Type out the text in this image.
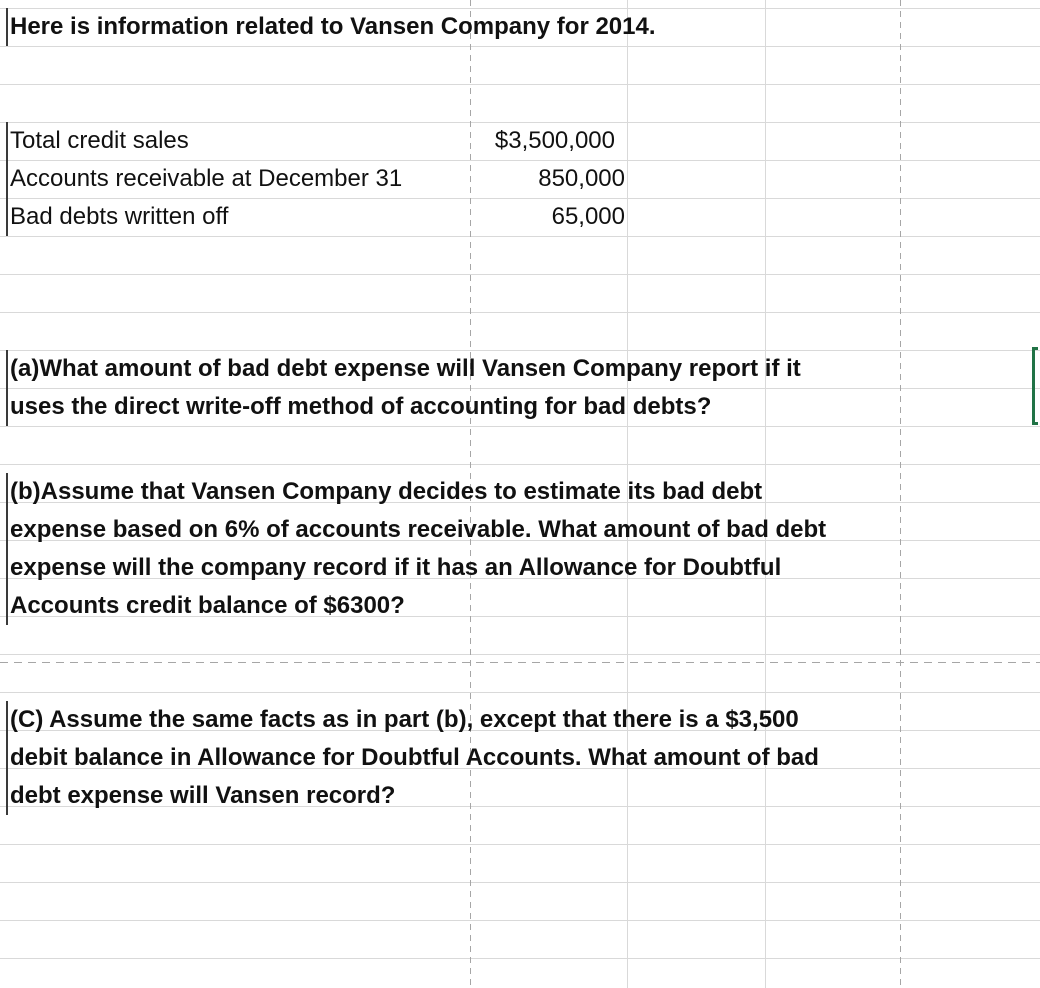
Here is information related to Vansen Company for 2014.
Total credit sales	$3,500,000
Accounts receivable at December 31	850,000
Bad debts written off	65,000
(a)What amount of bad debt expense will Vansen Company report if it
uses the direct write-off method of accounting for bad debts?
(b)Assume that Vansen Company decides to estimate its bad debt
expense based on 6% of accounts receivable. What amount of bad debt
expense will the company record if it has an Allowance for Doubtful
Accounts credit balance of $6300?
(C) Assume the same facts as in part (b), except that there is a $3,500
debit balance in Allowance for Doubtful Accounts. What amount of bad
debt expense will Vansen record?
